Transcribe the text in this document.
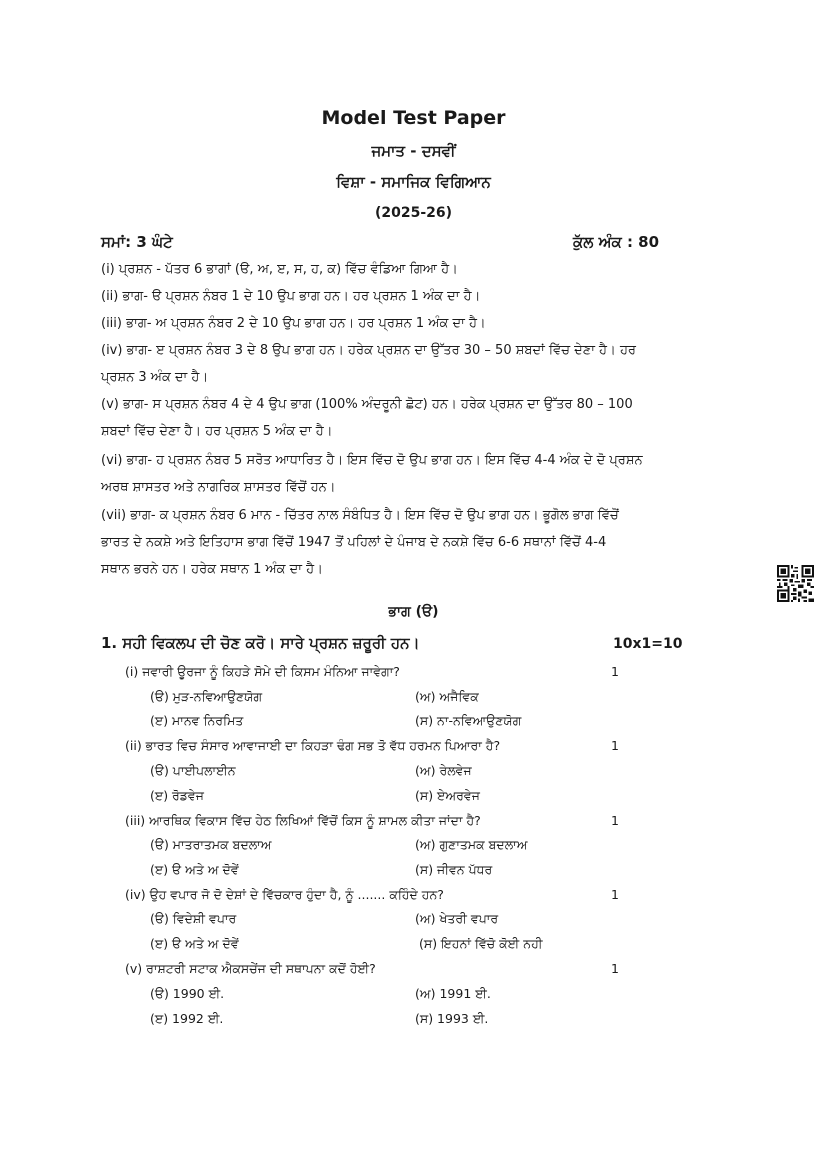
Model Test Paper
ਜਮਾਤ - ਦਸਵੀਂ
ਵਿਸ਼ਾ - ਸਮਾਜਿਕ ਵਿਗਿਆਨ
(2025-26)
ਸਮਾਂ: 3 ਘੰਟੇ	ਕੁੱਲ ਅੰਕ : 80
(i) ਪ੍ਰਸ਼ਨ - ਪੱਤਰ 6 ਭਾਗਾਂ (ੳ, ਅ, ੲ, ਸ, ਹ, ਕ) ਵਿੱਚ ਵੰਡਿਆ ਗਿਆ ਹੈ।
(ii) ਭਾਗ- ੳ ਪ੍ਰਸ਼ਨ ਨੰਬਰ 1 ਦੇ 10 ਉਪ ਭਾਗ ਹਨ। ਹਰ ਪ੍ਰਸ਼ਨ 1 ਅੰਕ ਦਾ ਹੈ।
(iii) ਭਾਗ- ਅ ਪ੍ਰਸ਼ਨ ਨੰਬਰ 2 ਦੇ 10 ਉਪ ਭਾਗ ਹਨ। ਹਰ ਪ੍ਰਸ਼ਨ 1 ਅੰਕ ਦਾ ਹੈ।
(iv) ਭਾਗ- ੲ ਪ੍ਰਸ਼ਨ ਨੰਬਰ 3 ਦੇ 8 ਉਪ ਭਾਗ ਹਨ। ਹਰੇਕ ਪ੍ਰਸ਼ਨ ਦਾ ਉੱਤਰ 30 – 50 ਸ਼ਬਦਾਂ ਵਿੱਚ ਦੇਣਾ ਹੈ। ਹਰ
ਪ੍ਰਸ਼ਨ 3 ਅੰਕ ਦਾ ਹੈ।
(v) ਭਾਗ- ਸ ਪ੍ਰਸ਼ਨ ਨੰਬਰ 4 ਦੇ 4 ਉਪ ਭਾਗ (100% ਅੰਦਰੂਨੀ ਛੋਟ) ਹਨ। ਹਰੇਕ ਪ੍ਰਸ਼ਨ ਦਾ ਉੱਤਰ 80 – 100
ਸ਼ਬਦਾਂ ਵਿੱਚ ਦੇਣਾ ਹੈ। ਹਰ ਪ੍ਰਸ਼ਨ 5 ਅੰਕ ਦਾ ਹੈ।
(vi) ਭਾਗ- ਹ ਪ੍ਰਸ਼ਨ ਨੰਬਰ 5 ਸਰੋਤ ਆਧਾਰਿਤ ਹੈ। ਇਸ ਵਿੱਚ ਦੋ ਉਪ ਭਾਗ ਹਨ। ਇਸ ਵਿੱਚ 4-4 ਅੰਕ ਦੇ ਦੋ ਪ੍ਰਸ਼ਨ
ਅਰਥ ਸ਼ਾਸਤਰ ਅਤੇ ਨਾਗਰਿਕ ਸ਼ਾਸਤਰ ਵਿੱਚੋਂ ਹਨ।
(vii) ਭਾਗ- ਕ ਪ੍ਰਸ਼ਨ ਨੰਬਰ 6 ਮਾਨ - ਚਿੱਤਰ ਨਾਲ ਸੰਬੰਧਿਤ ਹੈ। ਇਸ ਵਿੱਚ ਦੋ ਉਪ ਭਾਗ ਹਨ। ਭੂਗੋਲ ਭਾਗ ਵਿੱਚੋਂ
ਭਾਰਤ ਦੇ ਨਕਸ਼ੇ ਅਤੇ ਇਤਿਹਾਸ ਭਾਗ ਵਿੱਚੋਂ 1947 ਤੋਂ ਪਹਿਲਾਂ ਦੇ ਪੰਜਾਬ ਦੇ ਨਕਸ਼ੇ ਵਿੱਚ 6-6 ਸਥਾਨਾਂ ਵਿੱਚੋਂ 4-4
ਸਥਾਨ ਭਰਨੇ ਹਨ। ਹਰੇਕ ਸਥਾਨ 1 ਅੰਕ ਦਾ ਹੈ।
ਭਾਗ (ੳ)
1. ਸਹੀ ਵਿਕਲਪ ਦੀ ਚੋਣ ਕਰੋ। ਸਾਰੇ ਪ੍ਰਸ਼ਨ ਜ਼ਰੂਰੀ ਹਨ।	10x1=10
(i) ਜਵਾਰੀ ਊਰਜਾ ਨੂੰ ਕਿਹੜੇ ਸੋਮੇ ਦੀ ਕਿਸਮ ਮੰਨਿਆ ਜਾਵੇਗਾ?	1
(ੳ) ਮੁੜ-ਨਵਿਆਉਣਯੋਗ	(ਅ) ਅਜੈਵਿਕ
(ੲ) ਮਾਨਵ ਨਿਰਮਿਤ	(ਸ) ਨਾ-ਨਵਿਆਉਣਯੋਗ
(ii) ਭਾਰਤ ਵਿਚ ਸੰਸਾਰ ਆਵਾਜਾਈ ਦਾ ਕਿਹੜਾ ਢੰਗ ਸਭ ਤੋ ਵੱਧ ਹਰਮਨ ਪਿਆਰਾ ਹੈ?	1
(ੳ) ਪਾਈਪਲਾਈਨ	(ਅ) ਰੇਲਵੇਜ
(ੲ) ਰੋਡਵੇਜ	(ਸ) ਏਅਰਵੇਜ
(iii) ਆਰਥਿਕ ਵਿਕਾਸ ਵਿੱਚ ਹੇਠ ਲਿਖਿਆਂ ਵਿੱਚੋਂ ਕਿਸ ਨੂੰ ਸ਼ਾਮਲ ਕੀਤਾ ਜਾਂਦਾ ਹੈ?	1
(ੳ) ਮਾਤਰਾਤਮਕ ਬਦਲਾਅ	(ਅ) ਗੁਣਾਤਮਕ ਬਦਲਾਅ
(ੲ) ੳ ਅਤੇ ਅ ਦੋਵੇਂ	(ਸ) ਜੀਵਨ ਪੱਧਰ
(iv) ਉਹ ਵਪਾਰ ਜੋ ਦੋ ਦੇਸ਼ਾਂ ਦੇ ਵਿੱਚਕਾਰ ਹੁੰਦਾ ਹੈ, ਨੂੰ ....... ਕਹਿੰਦੇ ਹਨ?	1
(ੳ) ਵਿਦੇਸ਼ੀ ਵਪਾਰ	(ਅ) ਖੇਤਰੀ ਵਪਾਰ
(ੲ) ੳ ਅਤੇ ਅ ਦੋਵੇਂ	(ਸ) ਇਹਨਾਂ ਵਿੱਚੋ ਕੋਈ ਨਹੀ
(v) ਰਾਸ਼ਟਰੀ ਸਟਾਕ ਐਕਸਚੇਂਜ ਦੀ ਸਥਾਪਨਾ ਕਦੋਂ ਹੋਈ?	1
(ੳ) 1990 ਈ.	(ਅ) 1991 ਈ.
(ੲ) 1992 ਈ.	(ਸ) 1993 ਈ.
